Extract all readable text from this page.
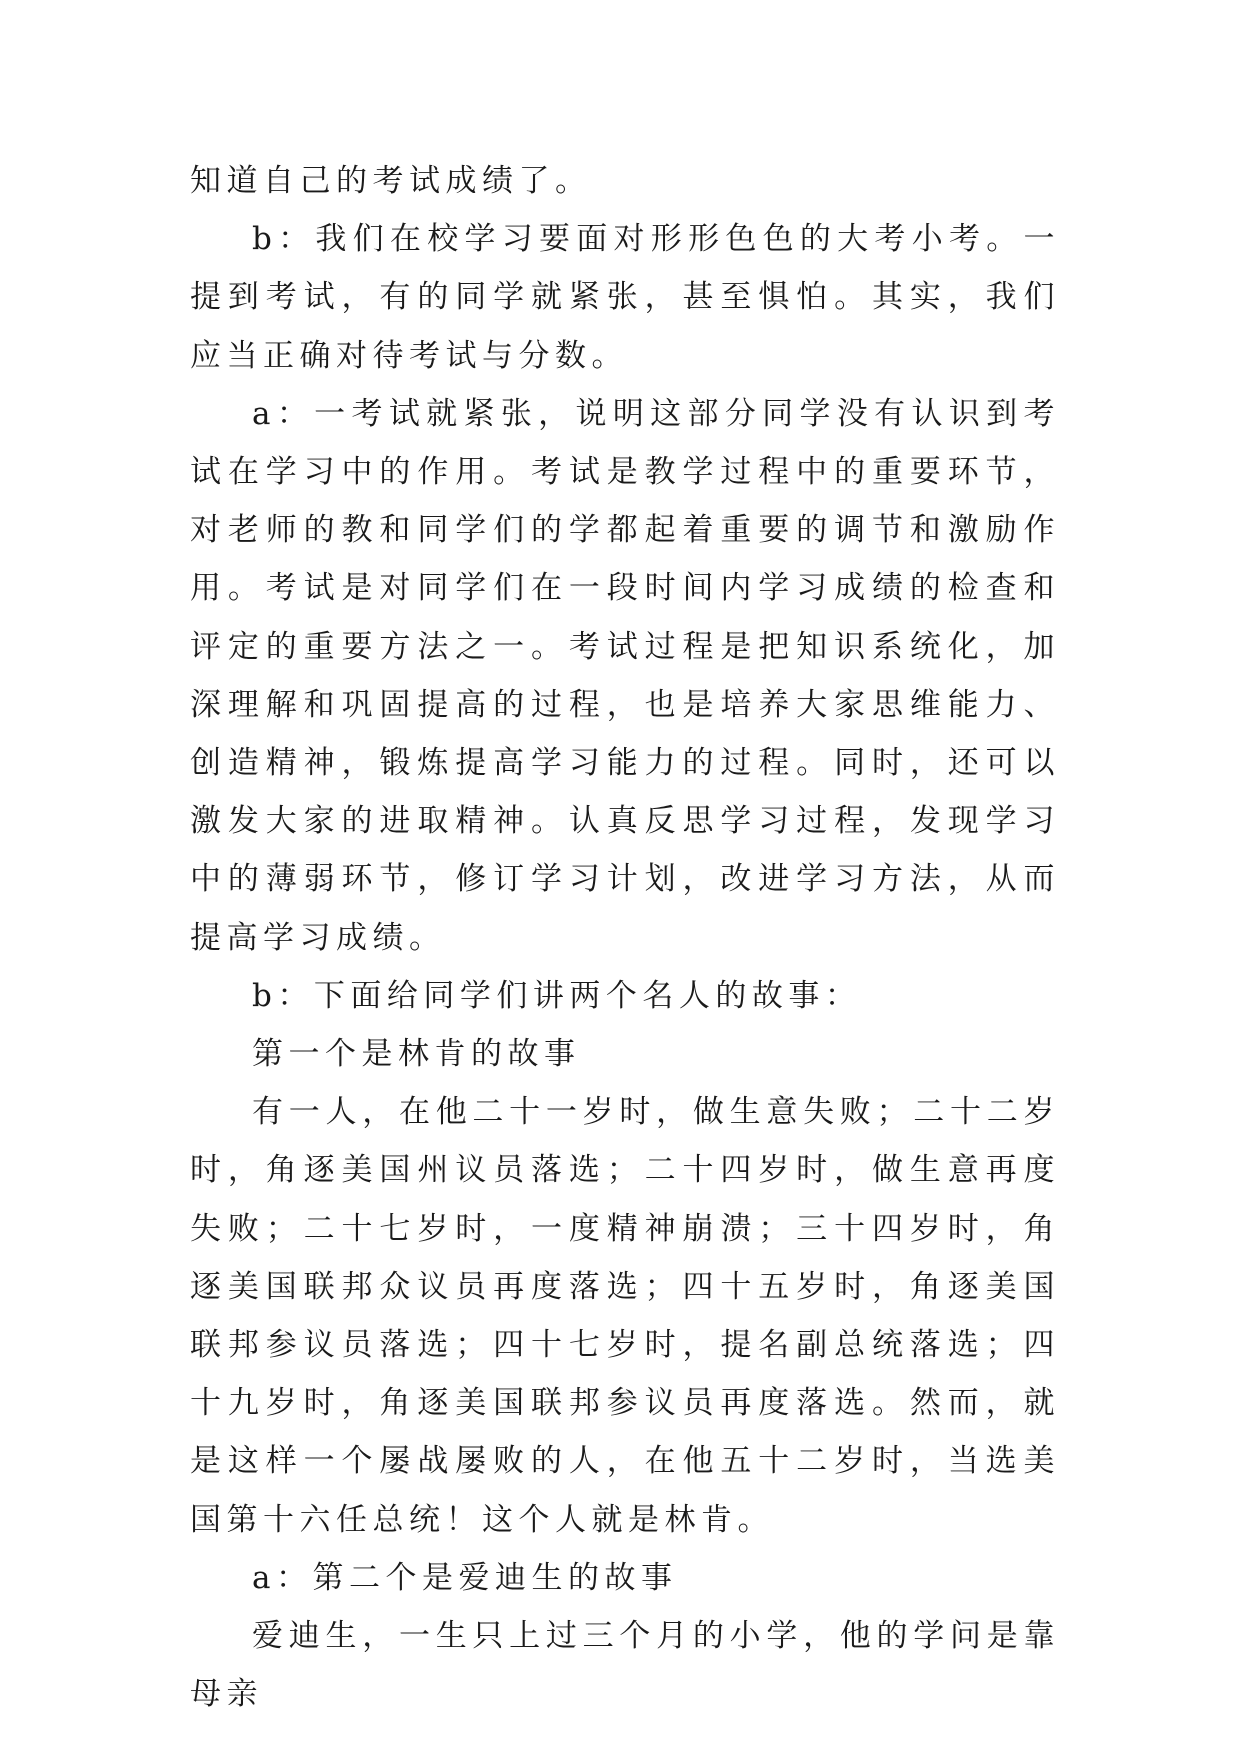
知道自己的考试成绩了。

b：我们在校学习要面对形形色色的大考小考。一提到考试，有的同学就紧张，甚至惧怕。其实，我们应当正确对待考试与分数。

a：一考试就紧张，说明这部分同学没有认识到考试在学习中的作用。考试是教学过程中的重要环节，对老师的教和同学们的学都起着重要的调节和激励作用。考试是对同学们在一段时间内学习成绩的检查和评定的重要方法之一。考试过程是把知识系统化，加深理解和巩固提高的过程，也是培养大家思维能力、创造精神，锻炼提高学习能力的过程。同时，还可以激发大家的进取精神。认真反思学习过程，发现学习中的薄弱环节，修订学习计划，改进学习方法，从而提高学习成绩。

b：下面给同学们讲两个名人的故事：

第一个是林肯的故事

有一人，在他二十一岁时，做生意失败；二十二岁时，角逐美国州议员落选；二十四岁时，做生意再度失败；二十七岁时，一度精神崩溃；三十四岁时，角逐美国联邦众议员再度落选；四十五岁时，角逐美国联邦参议员落选；四十七岁时，提名副总统落选；四十九岁时，角逐美国联邦参议员再度落选。然而，就是这样一个屡战屡败的人，在他五十二岁时，当选美国第十六任总统！这个人就是林肯。

a：第二个是爱迪生的故事

爱迪生，一生只上过三个月的小学，他的学问是靠母亲
